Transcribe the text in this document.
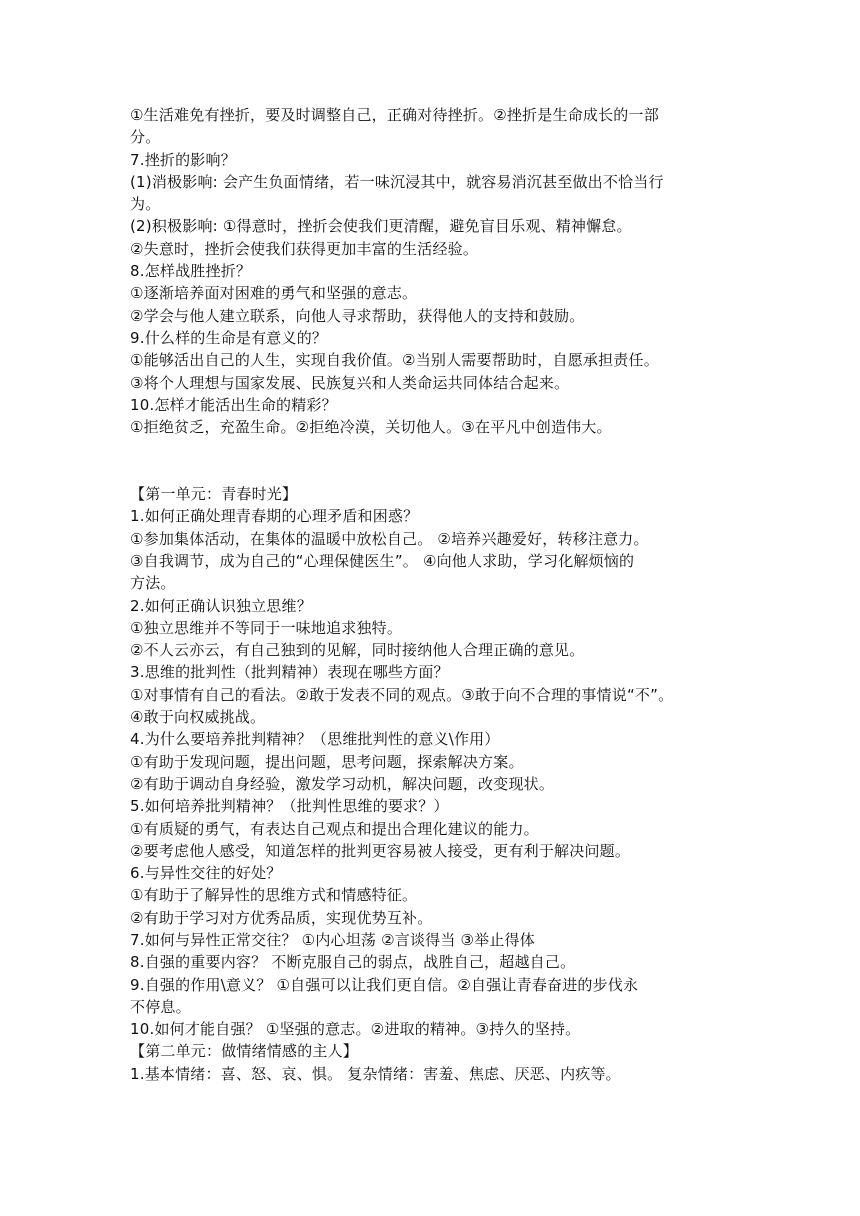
①生活难免有挫折，要及时调整自己，正确对待挫折。②挫折是生命成长的一部
分。
7.挫折的影响？
(1)消极影响: 会产生负面情绪，若一味沉浸其中，就容易消沉甚至做出不恰当行
为。
(2)积极影响: ①得意时，挫折会使我们更清醒，避免盲目乐观、精神懈怠。
②失意时，挫折会使我们获得更加丰富的生活经验。
8.怎样战胜挫折？
①逐渐培养面对困难的勇气和坚强的意志。
②学会与他人建立联系，向他人寻求帮助，获得他人的支持和鼓励。
9.什么样的生命是有意义的？
①能够活出自己的人生，实现自我价值。②当别人需要帮助时，自愿承担责任。
③将个人理想与国家发展、民族复兴和人类命运共同体结合起来。
10.怎样才能活出生命的精彩？
①拒绝贫乏，充盈生命。②拒绝冷漠，关切他人。③在平凡中创造伟大。
【第一单元：青春时光】
1.如何正确处理青春期的心理矛盾和困惑？
①参加集体活动，在集体的温暖中放松自己。 ②培养兴趣爱好，转移注意力。
③自我调节，成为自己的“心理保健医生”。 ④向他人求助，学习化解烦恼的
方法。
2.如何正确认识独立思维？
①独立思维并不等同于一味地追求独特。
②不人云亦云，有自己独到的见解，同时接纳他人合理正确的意见。
3.思维的批判性（批判精神）表现在哪些方面？
①对事情有自己的看法。②敢于发表不同的观点。③敢于向不合理的事情说“不”。
④敢于向权威挑战。
4.为什么要培养批判精神？（思维批判性的意义\作用）
①有助于发现问题，提出问题，思考问题，探索解决方案。
②有助于调动自身经验，激发学习动机，解决问题，改变现状。
5.如何培养批判精神？（批判性思维的要求？）
①有质疑的勇气，有表达自己观点和提出合理化建议的能力。
②要考虑他人感受，知道怎样的批判更容易被人接受，更有利于解决问题。
6.与异性交往的好处？
①有助于了解异性的思维方式和情感特征。
②有助于学习对方优秀品质，实现优势互补。
7.如何与异性正常交往？ ①内心坦荡 ②言谈得当 ③举止得体
8.自强的重要内容？ 不断克服自己的弱点，战胜自己，超越自己。
9.自强的作用\意义？ ①自强可以让我们更自信。②自强让青春奋进的步伐永
不停息。
10.如何才能自强？ ①坚强的意志。②进取的精神。③持久的坚持。
【第二单元：做情绪情感的主人】
1.基本情绪：喜、怒、哀、惧。 复杂情绪：害羞、焦虑、厌恶、内疚等。
